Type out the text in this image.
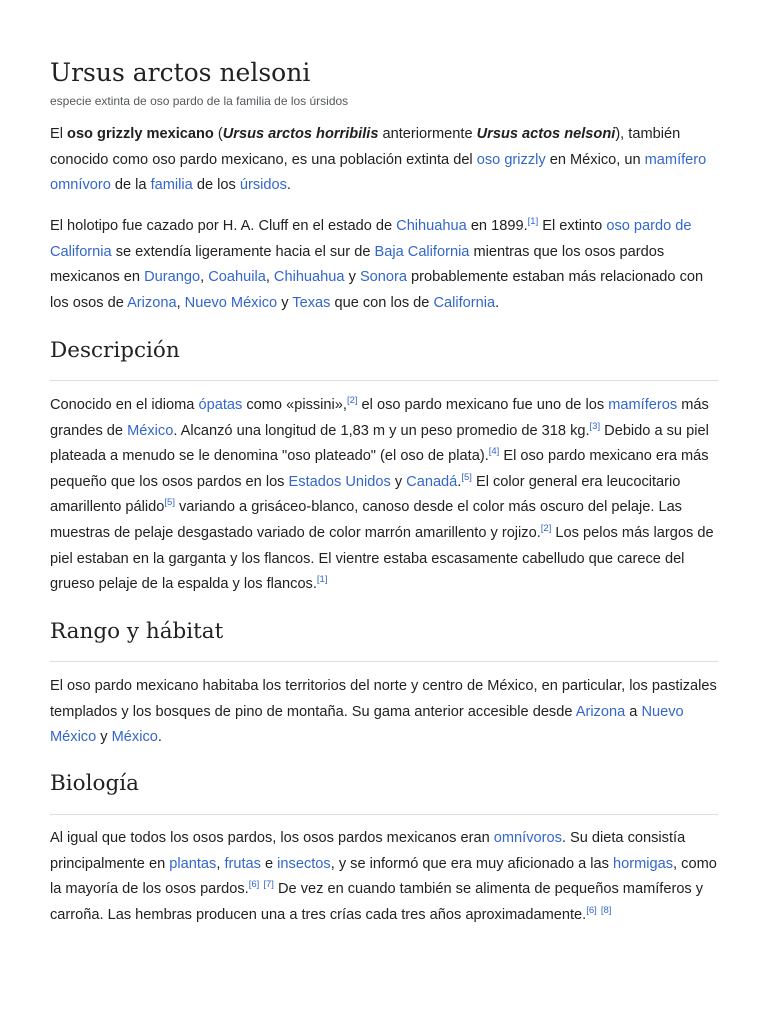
Ursus arctos nelsoni
especie extinta de oso pardo de la familia de los úrsidos

El oso grizzly mexicano (Ursus arctos horribilis anteriormente Ursus actos nelsoni), también conocido como oso pardo mexicano, es una población extinta del oso grizzly en México, un mamífero omnívoro de la familia de los úrsidos.

El holotipo fue cazado por H. A. Cluff en el estado de Chihuahua en 1899.[1] El extinto oso pardo de California se extendía ligeramente hacia el sur de Baja California mientras que los osos pardos mexicanos en Durango, Coahuila, Chihuahua y Sonora probablemente estaban más relacionado con los osos de Arizona, Nuevo México y Texas que con los de California.

Descripción

Conocido en el idioma ópatas como «pissini»,[2] el oso pardo mexicano fue uno de los mamíferos más grandes de México. Alcanzó una longitud de 1,83 m y un peso promedio de 318 kg.[3] Debido a su piel plateada a menudo se le denomina "oso plateado" (el oso de plata).[4] El oso pardo mexicano era más pequeño que los osos pardos en los Estados Unidos y Canadá.[5] El color general era leucocitario amarillento pálido[5] variando a grisáceo-blanco, canoso desde el color más oscuro del pelaje. Las muestras de pelaje desgastado variado de color marrón amarillento y rojizo.[2] Los pelos más largos de piel estaban en la garganta y los flancos. El vientre estaba escasamente cabelludo que carece del grueso pelaje de la espalda y los flancos.[1]

Rango y hábitat

El oso pardo mexicano habitaba los territorios del norte y centro de México, en particular, los pastizales templados y los bosques de pino de montaña. Su gama anterior accesible desde Arizona a Nuevo México y México.

Biología

Al igual que todos los osos pardos, los osos pardos mexicanos eran omnívoros. Su dieta consistía principalmente en plantas, frutas e insectos, y se informó que era muy aficionado a las hormigas, como la mayoría de los osos pardos.[6] [7] De vez en cuando también se alimenta de pequeños mamíferos y carroña. Las hembras producen una a tres crías cada tres años aproximadamente.[6] [8]
